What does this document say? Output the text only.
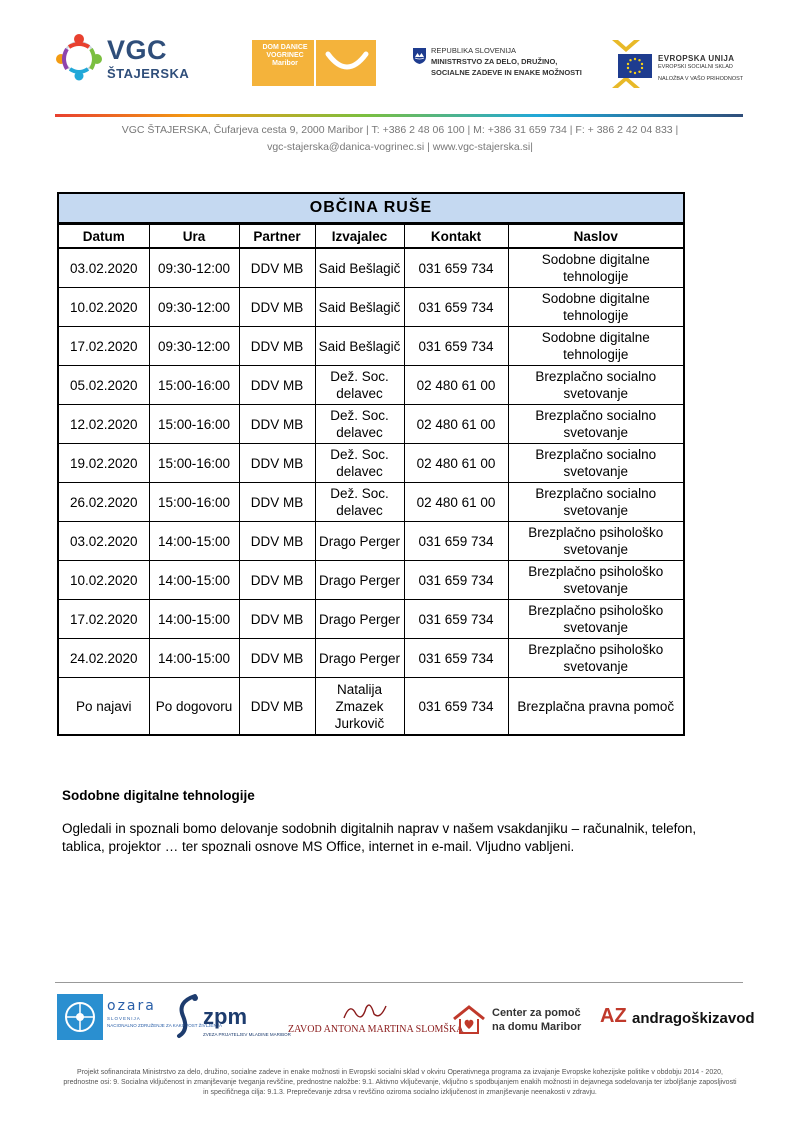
VGC
ŠTAJERSKA
DOM DANICE VOGRINEC Maribor
REPUBLIKA SLOVENIJA
MINISTRSTVO ZA DELO, DRUŽINO,
SOCIALNE ZADEVE IN ENAKE MOŽNOSTI
EVROPSKA UNIJA
EVROPSKI SOCIALNI SKLAD
NALOŽBA V VAŠO PRIHODNOST
VGC ŠTAJERSKA, Čufarjeva cesta 9, 2000 Maribor | T: +386 2 48 06 100 | M: +386 31 659 734 | F: + 386 2 42 04 833 |
vgc-stajerska@danica-vogrinec.si | www.vgc-stajerska.si|
OBČINA RUŠE
Datum	Ura	Partner	Izvajalec	Kontakt	Naslov
03.02.2020	09:30-12:00	DDV MB	Said Bešlagič	031 659 734	Sodobne digitalne tehnologije
10.02.2020	09:30-12:00	DDV MB	Said Bešlagič	031 659 734	Sodobne digitalne tehnologije
17.02.2020	09:30-12:00	DDV MB	Said Bešlagič	031 659 734	Sodobne digitalne tehnologije
05.02.2020	15:00-16:00	DDV MB	Dež. Soc. delavec	02 480 61 00	Brezplačno socialno svetovanje
12.02.2020	15:00-16:00	DDV MB	Dež. Soc. delavec	02 480 61 00	Brezplačno socialno svetovanje
19.02.2020	15:00-16:00	DDV MB	Dež. Soc. delavec	02 480 61 00	Brezplačno socialno svetovanje
26.02.2020	15:00-16:00	DDV MB	Dež. Soc. delavec	02 480 61 00	Brezplačno socialno svetovanje
03.02.2020	14:00-15:00	DDV MB	Drago Perger	031 659 734	Brezplačno psihološko svetovanje
10.02.2020	14:00-15:00	DDV MB	Drago Perger	031 659 734	Brezplačno psihološko svetovanje
17.02.2020	14:00-15:00	DDV MB	Drago Perger	031 659 734	Brezplačno psihološko svetovanje
24.02.2020	14:00-15:00	DDV MB	Drago Perger	031 659 734	Brezplačno psihološko svetovanje
Po najavi	Po dogovoru	DDV MB	Natalija Zmazek Jurkovič	031 659 734	Brezplačna pravna pomoč
Sodobne digitalne tehnologije
Ogledali in spoznali bomo delovanje sodobnih digitalnih naprav v našem vsakdanjiku – računalnik, telefon, tablica, projektor … ter spoznali osnove MS Office, internet in e-mail. Vljudno vabljeni.
ozara
SLOVENIJA
NACIONALNO ZDRUŽENJE ZA KAKOVOST ŽIVLJENJA
zpm
ZVEZA PRIJATELJEV MLADINE MARIBOR
ZAVOD ANTONA MARTINA SLOMŠKA
Center za pomoč
na domu Maribor AZ andragoškizavod
Projekt sofinancirata Ministrstvo za delo, družino, socialne zadeve in enake možnosti in Evropski socialni sklad v okviru Operativnega programa za izvajanje Evropske kohezijske politike v obdobju 2014 - 2020, prednostne osi: 9. Socialna vključenost in zmanjševanje tveganja revščine, prednostne naložbe: 9.1. Aktivno vključevanje, vključno s spodbujanjem enakih možnosti in dejavnega sodelovanja ter izboljšanje zaposljivosti in specifičnega cilja: 9.1.3. Preprečevanje zdrsa v revščino oziroma socialno izključenost in zmanjševanje neenakosti v zdravju.
